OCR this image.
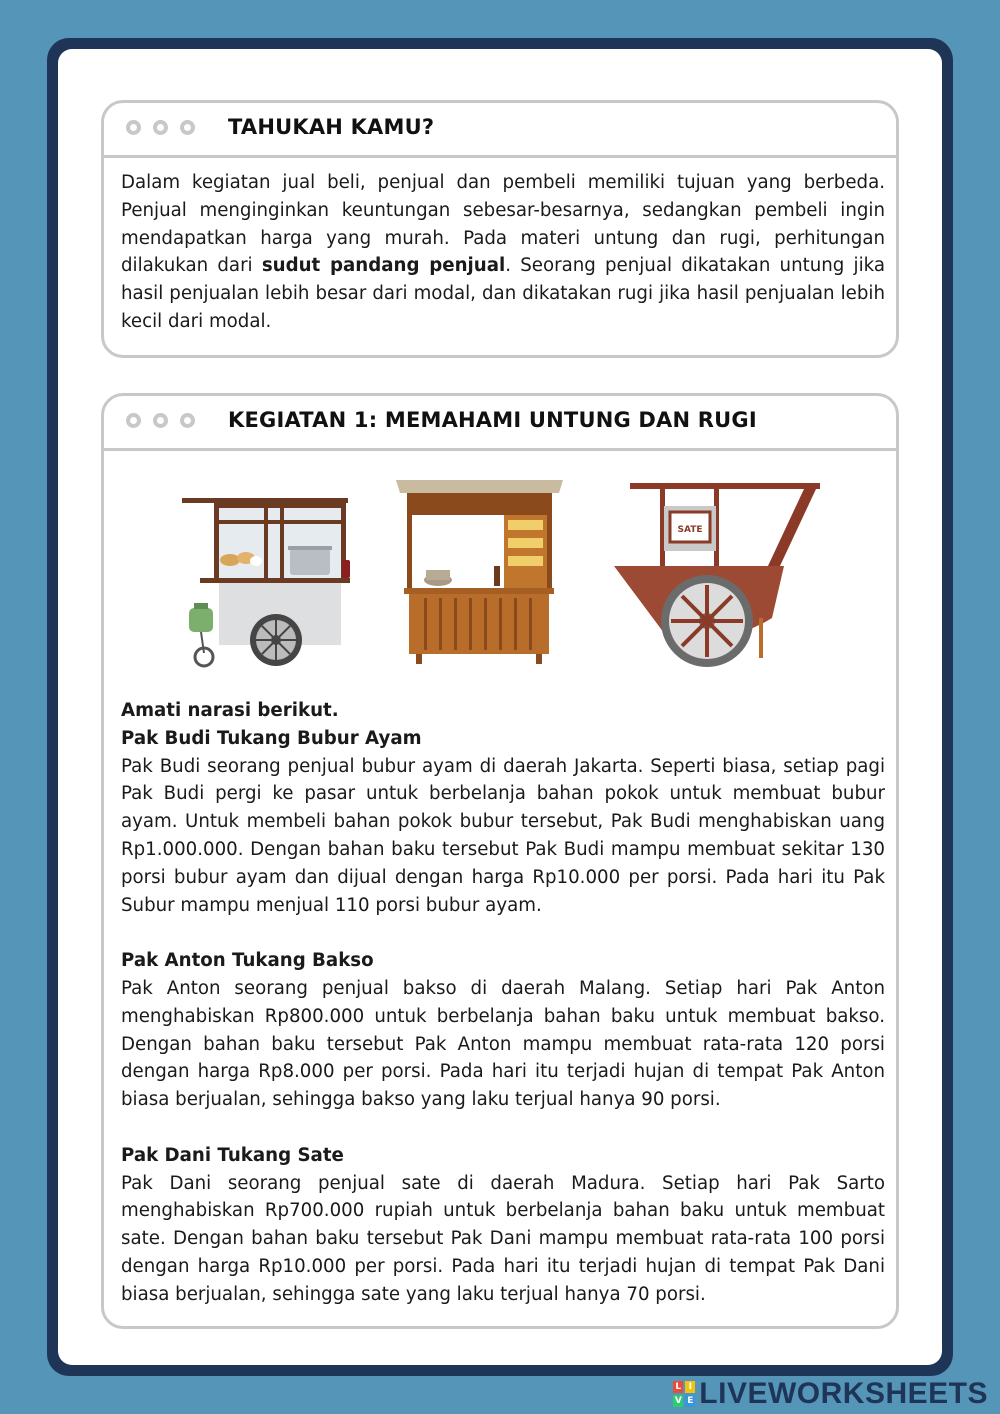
TAHUKAH KAMU?

Dalam kegiatan jual beli, penjual dan pembeli memiliki tujuan yang berbeda. Penjual menginginkan keuntungan sebesar-besarnya, sedangkan pembeli ingin mendapatkan harga yang murah. Pada materi untung dan rugi, perhitungan dilakukan dari sudut pandang penjual. Seorang penjual dikatakan untung jika hasil penjualan lebih besar dari modal, dan dikatakan rugi jika hasil penjualan lebih kecil dari modal.

KEGIATAN 1: MEMAHAMI UNTUNG DAN RUGI
SATE

Amati narasi berikut.

Pak Budi Tukang Bubur Ayam

Pak Budi seorang penjual bubur ayam di daerah Jakarta. Seperti biasa, setiap pagi Pak Budi pergi ke pasar untuk berbelanja bahan pokok untuk membuat bubur ayam. Untuk membeli bahan pokok bubur tersebut, Pak Budi menghabiskan uang Rp1.000.000. Dengan bahan baku tersebut Pak Budi mampu membuat sekitar 130 porsi bubur ayam dan dijual dengan harga Rp10.000 per porsi. Pada hari itu Pak Subur mampu menjual 110 porsi bubur ayam.

Pak Anton Tukang Bakso

Pak Anton seorang penjual bakso di daerah Malang. Setiap hari Pak Anton menghabiskan Rp800.000 untuk berbelanja bahan baku untuk membuat bakso. Dengan bahan baku tersebut Pak Anton mampu membuat rata-rata 120 porsi dengan harga Rp8.000 per porsi. Pada hari itu terjadi hujan di tempat Pak Anton biasa berjualan, sehingga bakso yang laku terjual hanya 90 porsi.

Pak Dani Tukang Sate

Pak Dani seorang penjual sate di daerah Madura. Setiap hari Pak Sarto menghabiskan Rp700.000 rupiah untuk berbelanja bahan baku untuk membuat sate. Dengan bahan baku tersebut Pak Dani mampu membuat rata-rata 100 porsi dengan harga Rp10.000 per porsi. Pada hari itu terjadi hujan di tempat Pak Dani biasa berjualan, sehingga sate yang laku terjual hanya 70 porsi.

L I
V E LIVEWORKSHEETS
